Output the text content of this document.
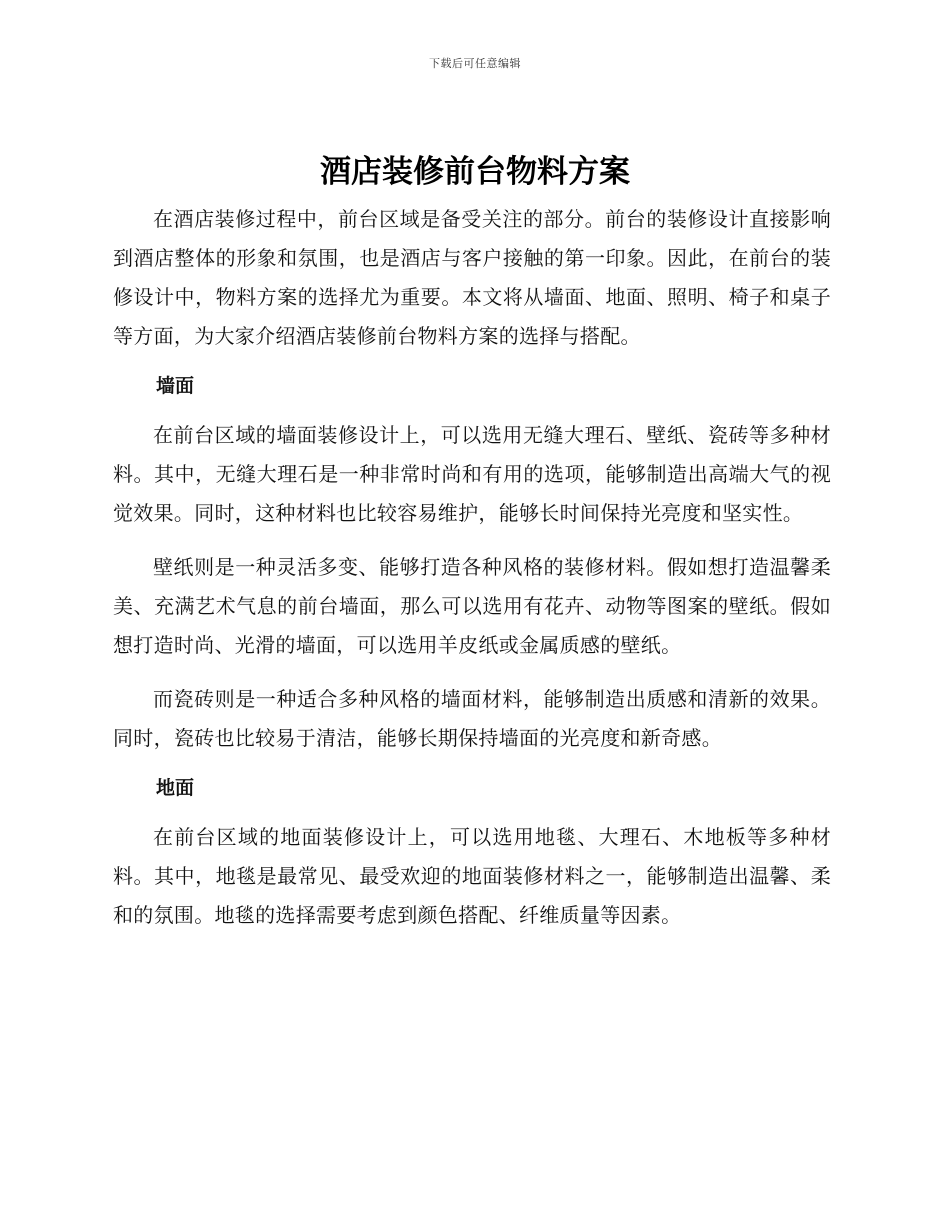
下载后可任意编辑
酒店装修前台物料方案

在酒店装修过程中，前台区域是备受关注的部分。前台的装修设计直接影响到酒店整体的形象和氛围，也是酒店与客户接触的第一印象。因此，在前台的装修设计中，物料方案的选择尤为重要。本文将从墙面、地面、照明、椅子和桌子等方面，为大家介绍酒店装修前台物料方案的选择与搭配。

墙面

在前台区域的墙面装修设计上，可以选用无缝大理石、壁纸、瓷砖等多种材料。其中，无缝大理石是一种非常时尚和有用的选项，能够制造出高端大气的视觉效果。同时，这种材料也比较容易维护，能够长时间保持光亮度和坚实性。

壁纸则是一种灵活多变、能够打造各种风格的装修材料。假如想打造温馨柔美、充满艺术气息的前台墙面，那么可以选用有花卉、动物等图案的壁纸。假如想打造时尚、光滑的墙面，可以选用羊皮纸或金属质感的壁纸。

而瓷砖则是一种适合多种风格的墙面材料，能够制造出质感和清新的效果。同时，瓷砖也比较易于清洁，能够长期保持墙面的光亮度和新奇感。

地面

在前台区域的地面装修设计上，可以选用地毯、大理石、木地板等多种材料。其中，地毯是最常见、最受欢迎的地面装修材料之一，能够制造出温馨、柔和的氛围。地毯的选择需要考虑到颜色搭配、纤维质量等因素。
